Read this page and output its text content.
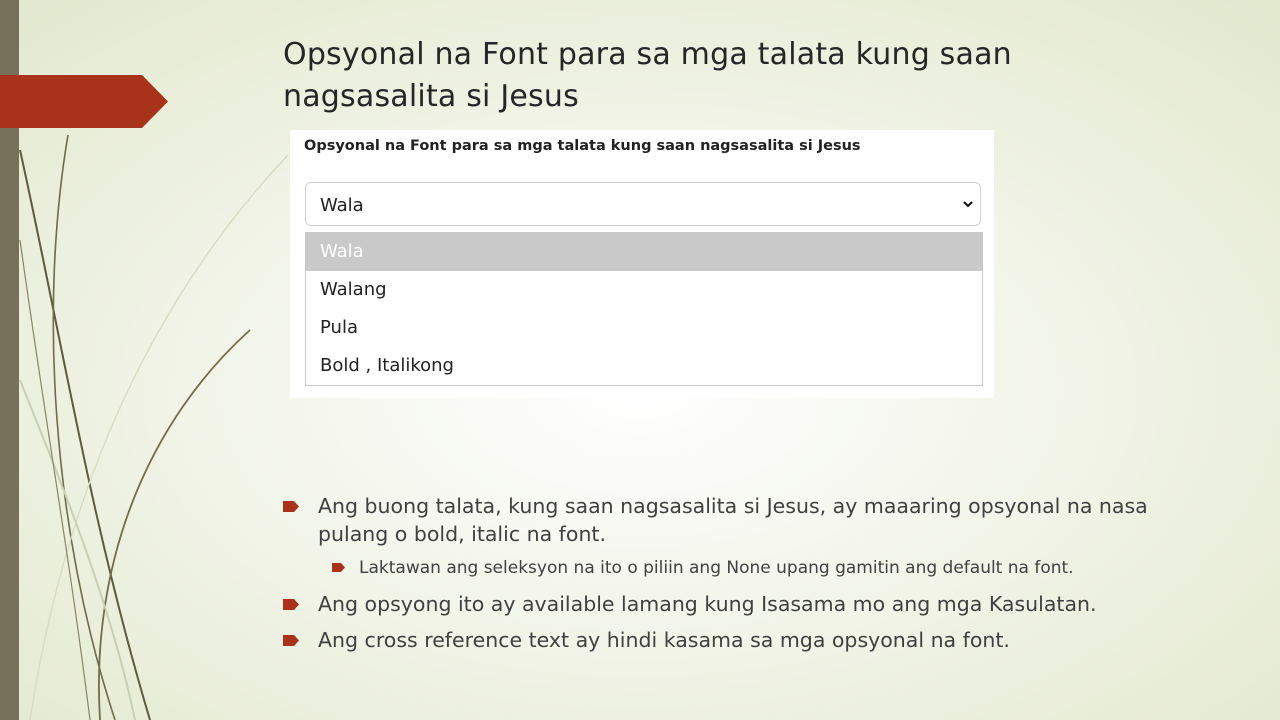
Opsyonal na Font para sa mga talata kung saan nagsasalita si Jesus
Opsyonal na Font para sa mga talata kung saan nagsasalita si Jesus
Wala
Wala
Walang
Pula
Bold , Italikong
Ang buong talata, kung saan nagsasalita si Jesus, ay maaaring opsyonal na nasa pulang o bold, italic na font.
Laktawan ang seleksyon na ito o piliin ang None upang gamitin ang default na font.
Ang opsyong ito ay available lamang kung Isasama mo ang mga Kasulatan.
Ang cross reference text ay hindi kasama sa mga opsyonal na font.
